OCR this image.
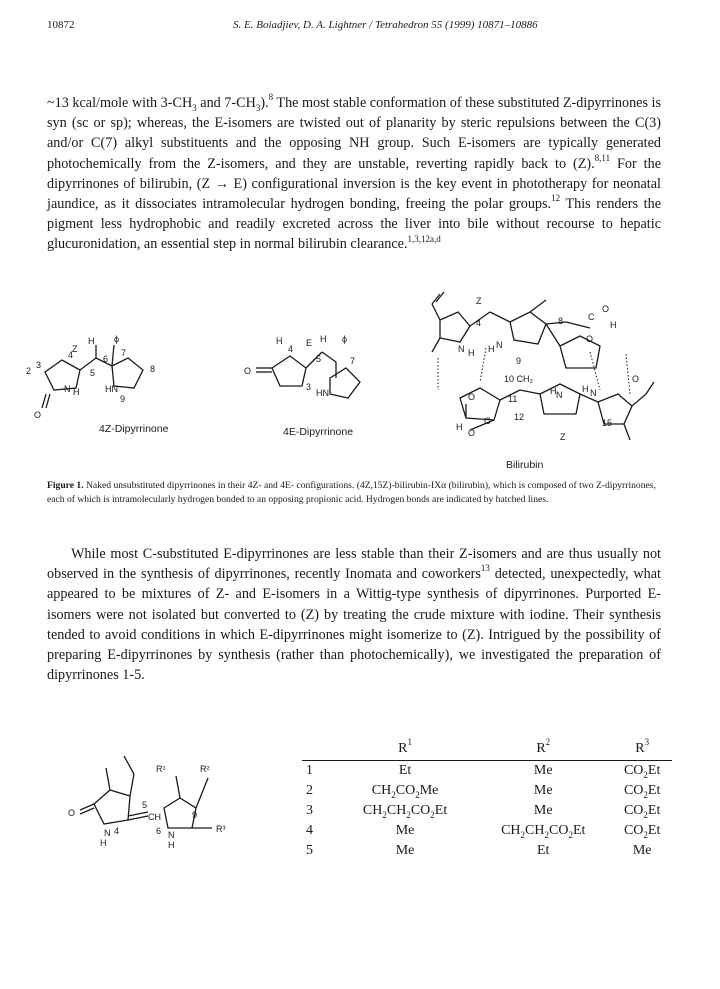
10872	S. E. Boiadjiev, D. A. Lightner / Tetrahedron 55 (1999) 10871–10886
~13 kcal/mole with $3-CH_3$ and $7-CH_3).^8$ The most stable conformation of these substituted Z-dipyrrinones is syn (sc or sp); whereas, the E-isomers are twisted out of planarity by steric repulsions between the C(3) and/or C(7) alkyl substituents and the opposing NH group. Such E-isomers are typically generated photochemically from the Z-isomers, and they are unstable, reverting rapidly back to (Z).$^{8,11}$ For the dipyrrinones of bilirubin, (Z → E) configurational inversion is the key event in phototherapy for neonatal jaundice, as it dissociates intramolecular hydrogen bonding, freeing the polar groups.$^{12}$ This renders the pigment less hydrophobic and readily excreted across the liver into bile without recourse to hepatic glucuronidation, an essential step in normal bilirubin clearance.$^{1,3,12a,d}$
3
4
5
6
7
8
9
2
N H	HN
O
Z
H ϕ
O
H
4
E H ϕ
5
3
7
HN
Z
4
N H H N
9
10 CH₂
11
12
8	C
O
H
O
O
O
H
O
C
N
H	H N
15
Z
4Z-Dipyrrinone	4E-Dipyrrinone
Bilirubin
Figure 1. Naked unsubstituted dipyrrinones in their 4Z- and 4E- configurations. (4Z,15Z)-bilirubin-IXα (bilirubin), which is composed of two Z-dipyrrinones, each of which is intramolecularly hydrogen bonded to an opposing propionic acid. Hydrogen bonds are indicated by hatched lines.
While most C-substituted E-dipyrrinones are less stable than their Z-isomers and are thus usually not observed in the synthesis of dipyrrinones, recently Inomata and coworkers$^{13}$ detected, unexpectedly, what appeared to be mixtures of Z- and E-isomers in a Wittig-type synthesis of dipyrrinones. Purported E-isomers were not isolated but converted to (Z) by treating the crude mixture with iodine. Their synthesis tended to avoid conditions in which E-dipyrrinones might isomerize to (Z). Intrigued by the possibility of preparing E-dipyrrinones by synthesis (rather than photochemically), we investigated the preparation of dipyrrinones 1-5.
O
N
H
4
CH
5
6 N
H
9
R¹	R²
R³
	$R^1$	$R^2$	$R^3$
1	Et	Me	$CO_2Et$
2	$CH_2CO_2Me$	Me	$CO_2Et$
3	$CH_2CH_2CO_2Et$	Me	$CO_2Et$
4	Me	$CH_2CH_2CO_2Et$	$CO_2Et$
5	Me	Et	Me
